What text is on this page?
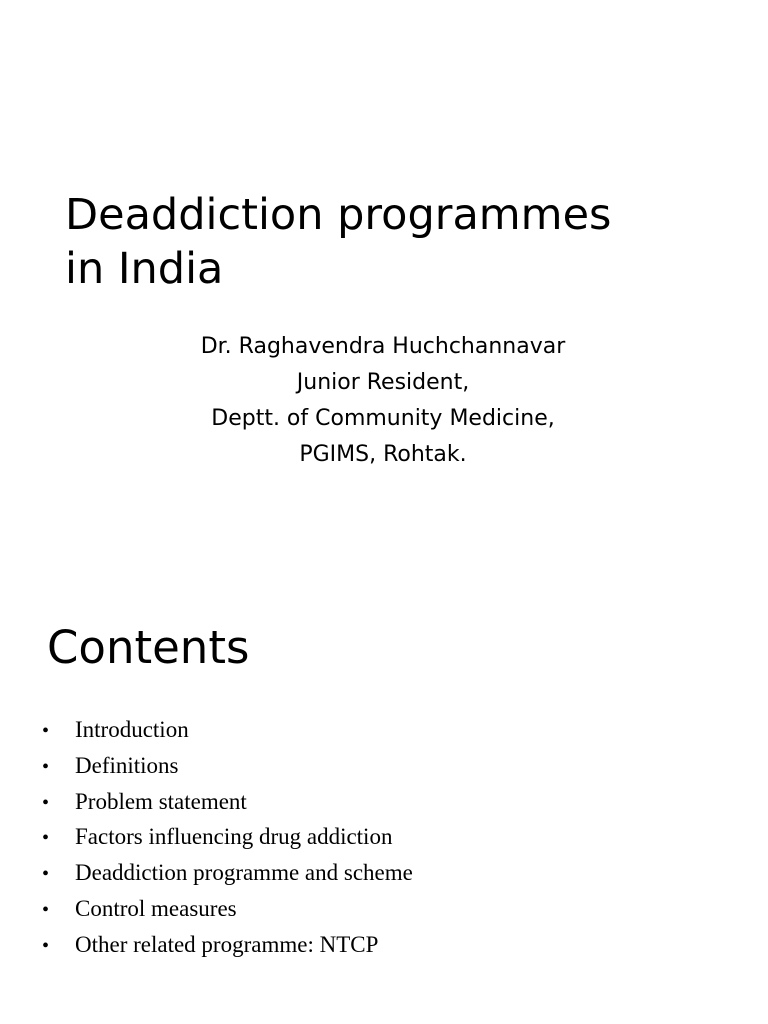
Deaddiction programmes
in India
Dr. Raghavendra Huchchannavar
Junior Resident,
Deptt. of Community Medicine,
PGIMS, Rohtak.
Contents
• Introduction
• Definitions
• Problem statement
• Factors influencing drug addiction
• Deaddiction programme and scheme
• Control measures
• Other related programme: NTCP
